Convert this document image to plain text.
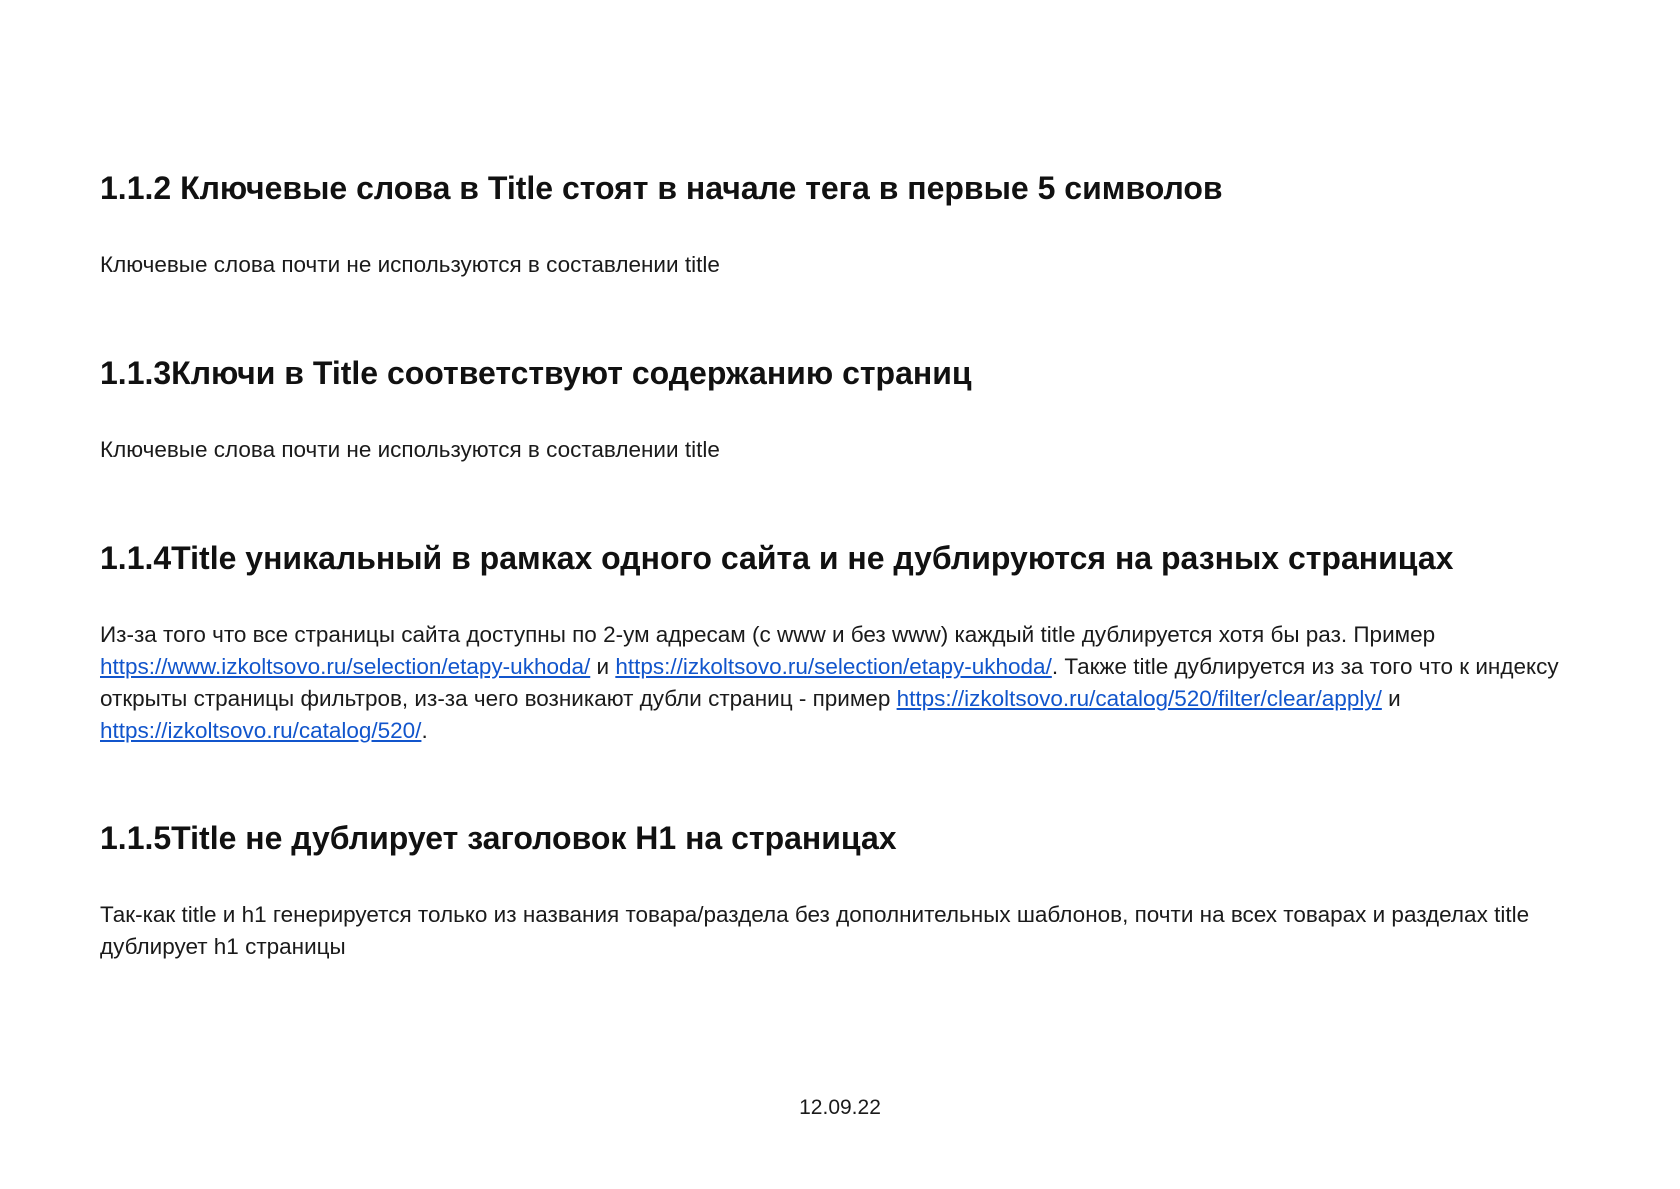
1.1.2 Ключевые слова в Title стоят в начале тега в первые 5 символов

Ключевые слова почти не используются в составлении title

1.1.3Ключи в Title соответствуют содержанию страниц

Ключевые слова почти не используются в составлении title

1.1.4Title уникальный в рамках одного сайта и не дублируются на разных страницах

Из-за того что все страницы сайта доступны по 2-ум адресам (с www и без www) каждый title дублируется хотя бы раз. Пример https://www.izkoltsovo.ru/selection/etapy-ukhoda/ и https://izkoltsovo.ru/selection/etapy-ukhoda/. Также title дублируется из за того что к индексу открыты страницы фильтров, из-за чего возникают дубли страниц - пример https://izkoltsovo.ru/catalog/520/filter/clear/apply/ и https://izkoltsovo.ru/catalog/520/.

1.1.5Title не дублирует заголовок H1 на страницах

Так-как title и h1 генерируется только из названия товара/раздела без дополнительных шаблонов, почти на всех товарах и разделах title дублирует h1 страницы

12.09.22
